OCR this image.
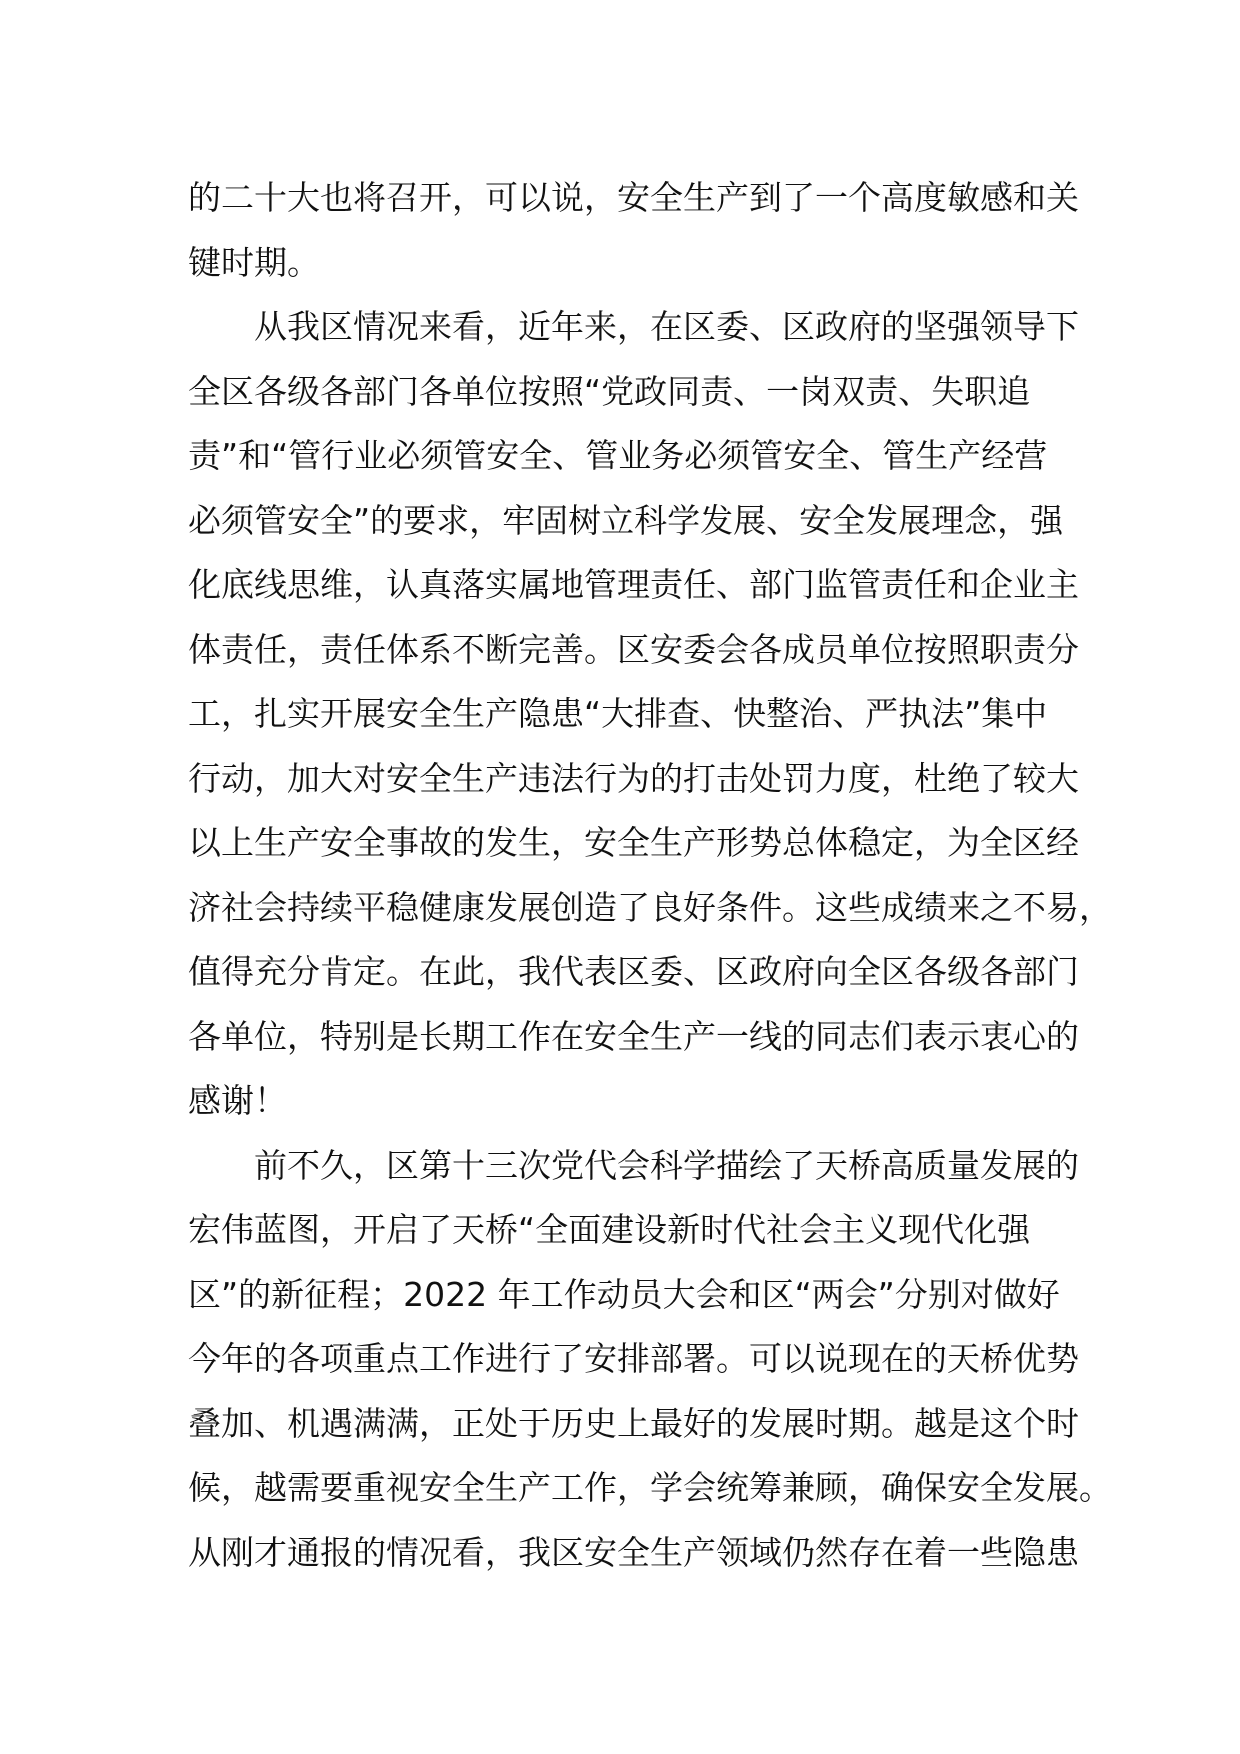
的二十大也将召开，可以说，安全生产到了一个高度敏感和关
键时期。
　　从我区情况来看，近年来，在区委、区政府的坚强领导下
全区各级各部门各单位按照“党政同责、一岗双责、失职追
责”和“管行业必须管安全、管业务必须管安全、管生产经营
必须管安全”的要求，牢固树立科学发展、安全发展理念，强
化底线思维，认真落实属地管理责任、部门监管责任和企业主
体责任，责任体系不断完善。区安委会各成员单位按照职责分
工，扎实开展安全生产隐患“大排查、快整治、严执法”集中
行动，加大对安全生产违法行为的打击处罚力度，杜绝了较大
以上生产安全事故的发生，安全生产形势总体稳定，为全区经
济社会持续平稳健康发展创造了良好条件。这些成绩来之不易，
值得充分肯定。在此，我代表区委、区政府向全区各级各部门
各单位，特别是长期工作在安全生产一线的同志们表示衷心的
感谢！
　　前不久，区第十三次党代会科学描绘了天桥高质量发展的
宏伟蓝图，开启了天桥“全面建设新时代社会主义现代化强
区”的新征程；2022 年工作动员大会和区“两会”分别对做好
今年的各项重点工作进行了安排部署。可以说现在的天桥优势
叠加、机遇满满，正处于历史上最好的发展时期。越是这个时
候，越需要重视安全生产工作，学会统筹兼顾，确保安全发展。
从刚才通报的情况看，我区安全生产领域仍然存在着一些隐患
